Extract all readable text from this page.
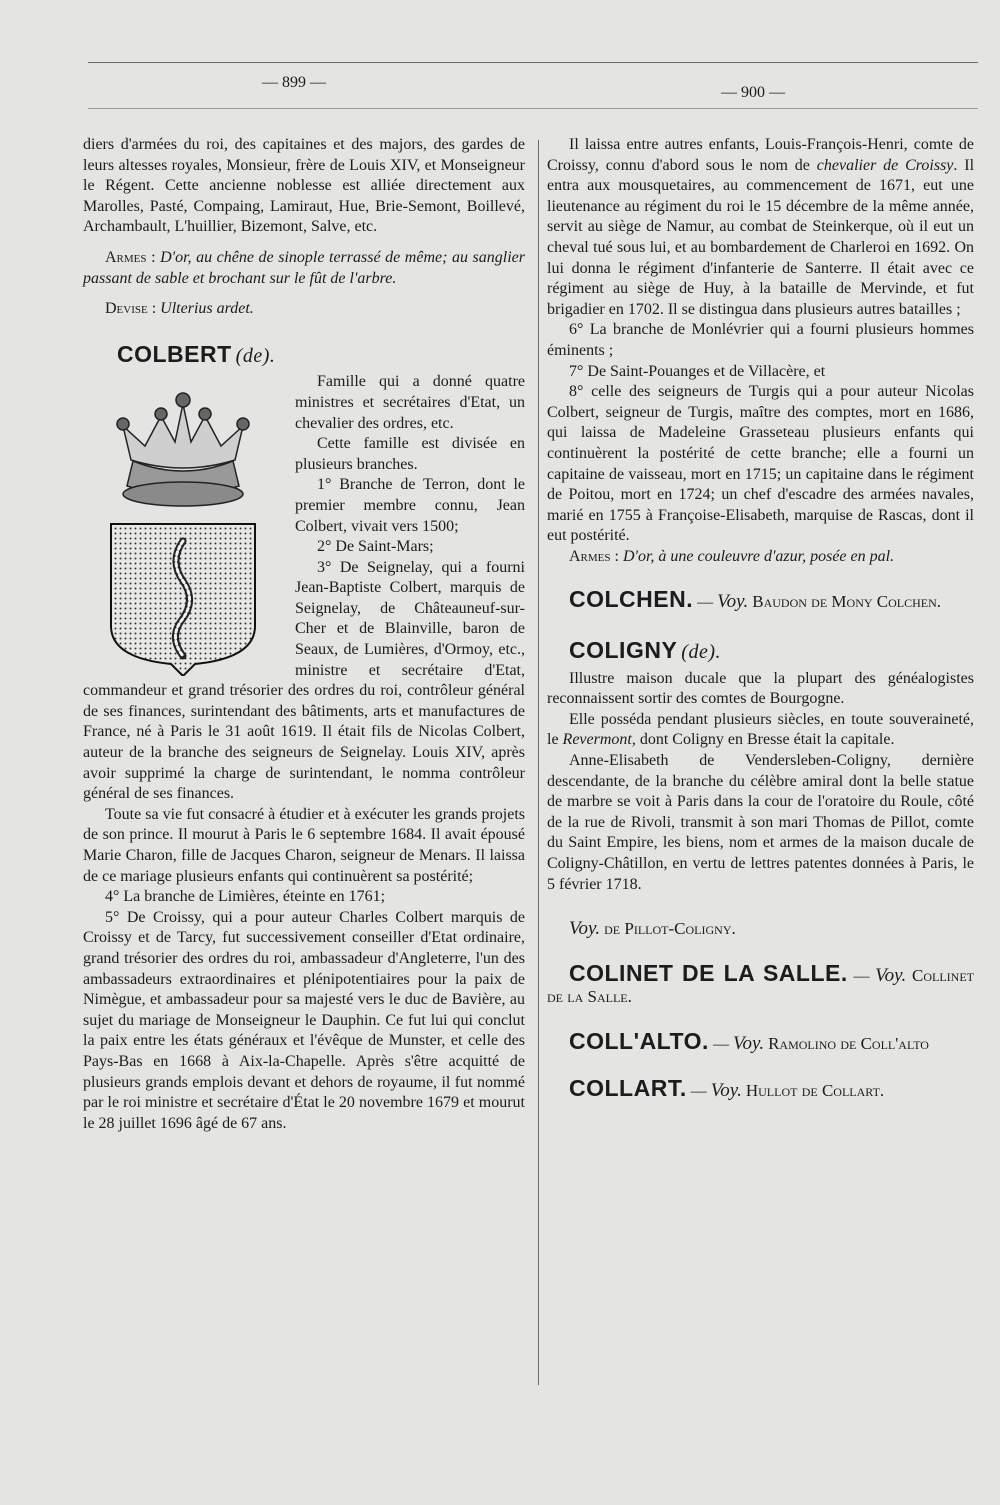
— 899 —
— 900 —

diers d'armées du roi, des capitaines et des majors, des gardes de leurs altesses royales, Monsieur, frère de Louis XIV, et Monseigneur le Régent. Cette ancienne noblesse est alliée directement aux Marolles, Pasté, Compaing, Lamiraut, Hue, Brie-Semont, Boillevé, Archambault, L'huillier, Bizemont, Salve, etc.

Armes : D'or, au chêne de sinople terrassé de même; au sanglier passant de sable et brochant sur le fût de l'arbre.

Devise : Ulterius ardet.

COLBERT (de).

Famille qui a donné quatre ministres et secrétaires d'Etat, un chevalier des ordres, etc.

Cette famille est divisée en plusieurs branches.

1° Branche de Terron, dont le premier membre connu, Jean Colbert, vivait vers 1500;

2° De Saint-Mars;

3° De Seignelay, qui a fourni Jean-Baptiste Colbert, marquis de Seignelay, de Châteauneuf-sur-Cher et de Blainville, baron de Seaux, de Lumières, d'Ormoy, etc., ministre et secrétaire d'Etat, commandeur et grand trésorier des ordres du roi, contrôleur général de ses finances, surintendant des bâtiments, arts et manufactures de France, né à Paris le 31 août 1619. Il était fils de Nicolas Colbert, auteur de la branche des seigneurs de Seignelay. Louis XIV, après avoir supprimé la charge de surintendant, le nomma contrôleur général de ses finances.

Toute sa vie fut consacré à étudier et à exécuter les grands projets de son prince. Il mourut à Paris le 6 septembre 1684. Il avait épousé Marie Charon, fille de Jacques Charon, seigneur de Menars. Il laissa de ce mariage plusieurs enfants qui continuèrent sa postérité;

4° La branche de Limières, éteinte en 1761;

5° De Croissy, qui a pour auteur Charles Colbert marquis de Croissy et de Tarcy, fut successivement conseiller d'Etat ordinaire, grand trésorier des ordres du roi, ambassadeur d'Angleterre, l'un des ambassadeurs extraordinaires et plénipotentiaires pour la paix de Nimègue, et ambassadeur pour sa majesté vers le duc de Bavière, au sujet du mariage de Monseigneur le Dauphin. Ce fut lui qui conclut la paix entre les états généraux et l'évêque de Munster, et celle des Pays-Bas en 1668 à Aix-la-Chapelle. Après s'être acquitté de plusieurs grands emplois devant et dehors de royaume, il fut nommé par le roi ministre et secrétaire d'État le 20 novembre 1679 et mourut le 28 juillet 1696 âgé de 67 ans.

Il laissa entre autres enfants, Louis-François-Henri, comte de Croissy, connu d'abord sous le nom de chevalier de Croissy. Il entra aux mousquetaires, au commencement de 1671, eut une lieutenance au régiment du roi le 15 décembre de la même année, servit au siège de Namur, au combat de Steinkerque, où il eut un cheval tué sous lui, et au bombardement de Charleroi en 1692. On lui donna le régiment d'infanterie de Santerre. Il était avec ce régiment au siège de Huy, à la bataille de Mervinde, et fut brigadier en 1702. Il se distingua dans plusieurs autres batailles ;

6° La branche de Monlévrier qui a fourni plusieurs hommes éminents ;

7° De Saint-Pouanges et de Villacère, et

8° celle des seigneurs de Turgis qui a pour auteur Nicolas Colbert, seigneur de Turgis, maître des comptes, mort en 1686, qui laissa de Madeleine Grasseteau plusieurs enfants qui continuèrent la postérité de cette branche; elle a fourni un capitaine de vaisseau, mort en 1715; un capitaine dans le régiment de Poitou, mort en 1724; un chef d'escadre des armées navales, marié en 1755 à Françoise-Elisabeth, marquise de Rascas, dont il eut postérité.

Armes : D'or, à une couleuvre d'azur, posée en pal.

COLCHEN. — Voy. Baudon de Mony Colchen.

COLIGNY (de).

Illustre maison ducale que la plupart des généalogistes reconnaissent sortir des comtes de Bourgogne.

Elle posséda pendant plusieurs siècles, en toute souveraineté, le Revermont, dont Coligny en Bresse était la capitale.

Anne-Elisabeth de Vendersleben-Coligny, dernière descendante, de la branche du célèbre amiral dont la belle statue de marbre se voit à Paris dans la cour de l'oratoire du Roule, côté de la rue de Rivoli, transmit à son mari Thomas de Pillot, comte du Saint Empire, les biens, nom et armes de la maison ducale de Coligny-Châtillon, en vertu de lettres patentes données à Paris, le 5 février 1718.

Voy. de Pillot-Coligny.

COLINET DE LA SALLE. — Voy. Collinet de la Salle.

COLL'ALTO. — Voy. Ramolino de Coll'alto

COLLART. — Voy. Hullot de Collart.
